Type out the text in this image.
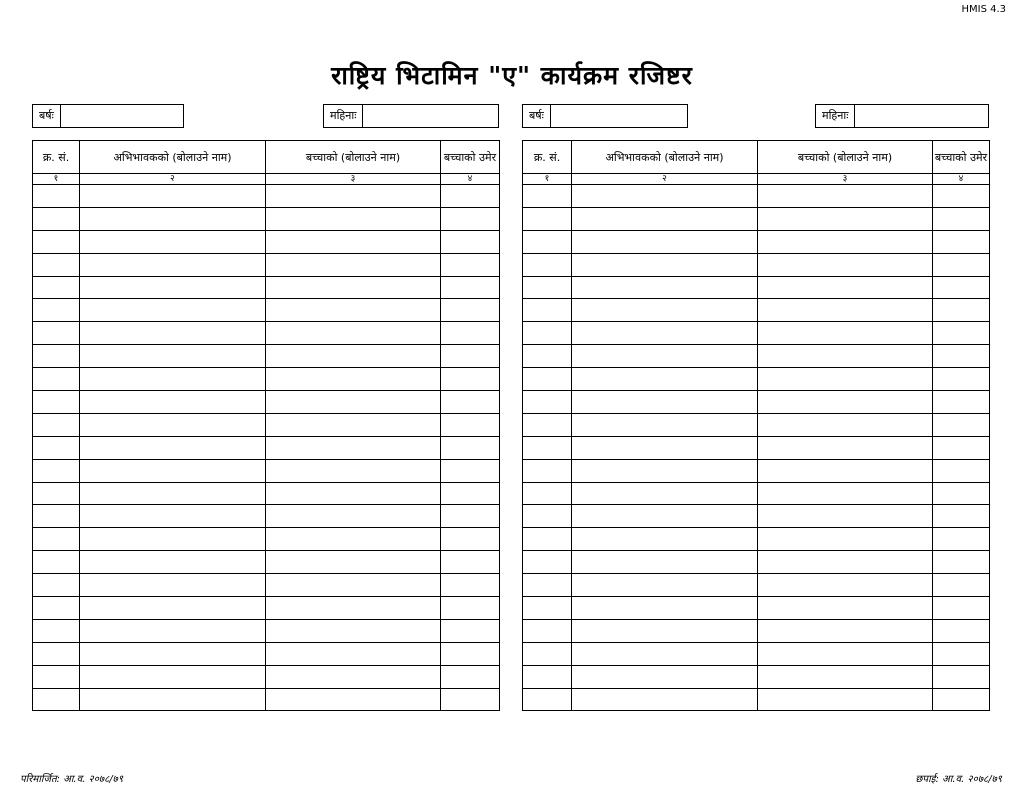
HMIS 4.3
राष्ट्रिय भिटामिन "ए" कार्यक्रम रजिष्टर
बर्षः	महिनाः
क्र. सं.	अभिभावकको (बोलाउने नाम)	बच्चाको (बोलाउने नाम)	बच्चाको उमेर
१	२	३	४

बर्षः	महिनाः
क्र. सं.	अभिभावकको (बोलाउने नाम)	बच्चाको (बोलाउने नाम)	बच्चाको उमेर
१	२	३	४

परिमार्जित: आ.व. २०७८/७९	छपाई: आ.व. २०७८/७९
